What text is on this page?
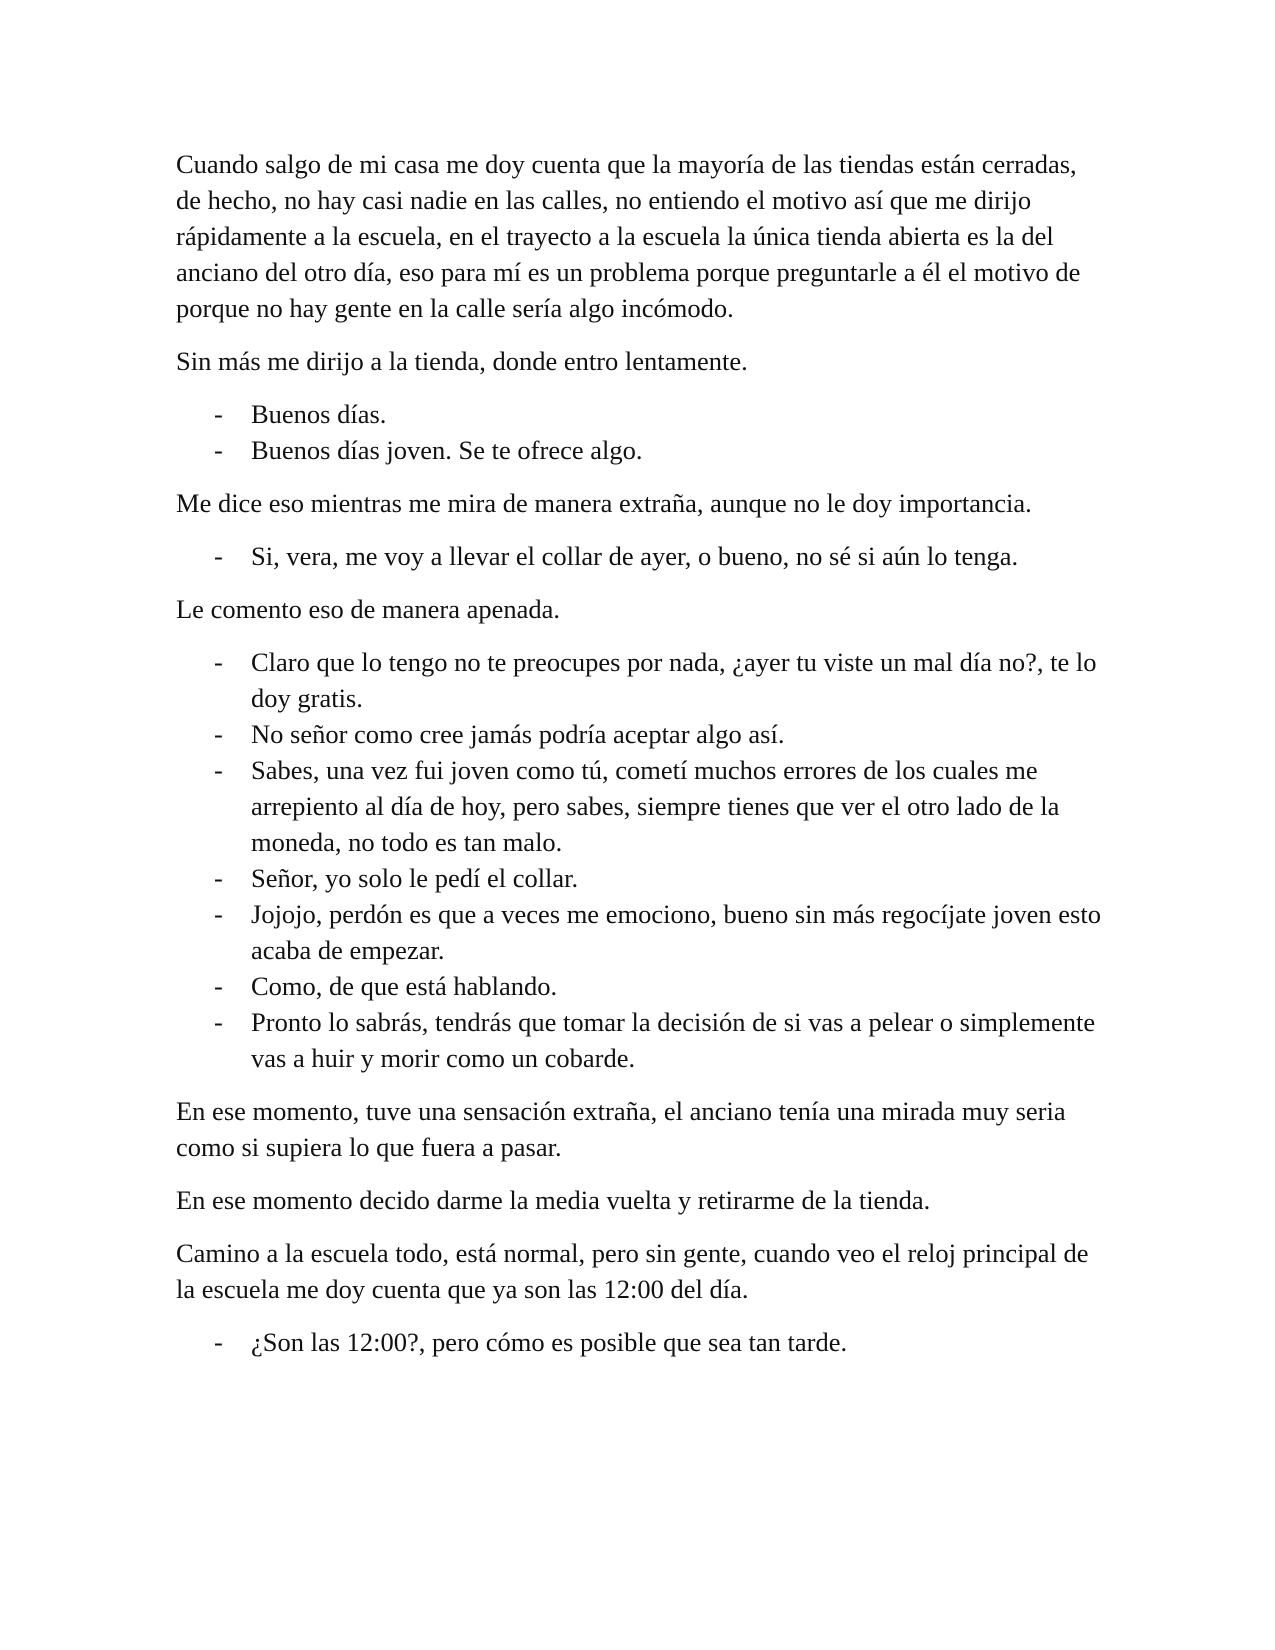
Cuando salgo de mi casa me doy cuenta que la mayoría de las tiendas están cerradas, de hecho, no hay casi nadie en las calles, no entiendo el motivo así que me dirijo rápidamente a la escuela, en el trayecto a la escuela la única tienda abierta es la del anciano del otro día, eso para mí es un problema porque preguntarle a él el motivo de porque no hay gente en la calle sería algo incómodo.

Sin más me dirijo a la tienda, donde entro lentamente.

- Buenos días.
- Buenos días joven. Se te ofrece algo.

Me dice eso mientras me mira de manera extraña, aunque no le doy importancia.

- Si, vera, me voy a llevar el collar de ayer, o bueno, no sé si aún lo tenga.

Le comento eso de manera apenada.

- Claro que lo tengo no te preocupes por nada, ¿ayer tu viste un mal día no?, te lo doy gratis.
- No señor como cree jamás podría aceptar algo así.
- Sabes, una vez fui joven como tú, cometí muchos errores de los cuales me arrepiento al día de hoy, pero sabes, siempre tienes que ver el otro lado de la moneda, no todo es tan malo.
- Señor, yo solo le pedí el collar.
- Jojojo, perdón es que a veces me emociono, bueno sin más regocíjate joven esto acaba de empezar.
- Como, de que está hablando.
- Pronto lo sabrás, tendrás que tomar la decisión de si vas a pelear o simplemente vas a huir y morir como un cobarde.

En ese momento, tuve una sensación extraña, el anciano tenía una mirada muy seria como si supiera lo que fuera a pasar.

En ese momento decido darme la media vuelta y retirarme de la tienda.

Camino a la escuela todo, está normal, pero sin gente, cuando veo el reloj principal de la escuela me doy cuenta que ya son las 12:00 del día.

- ¿Son las 12:00?, pero cómo es posible que sea tan tarde.
